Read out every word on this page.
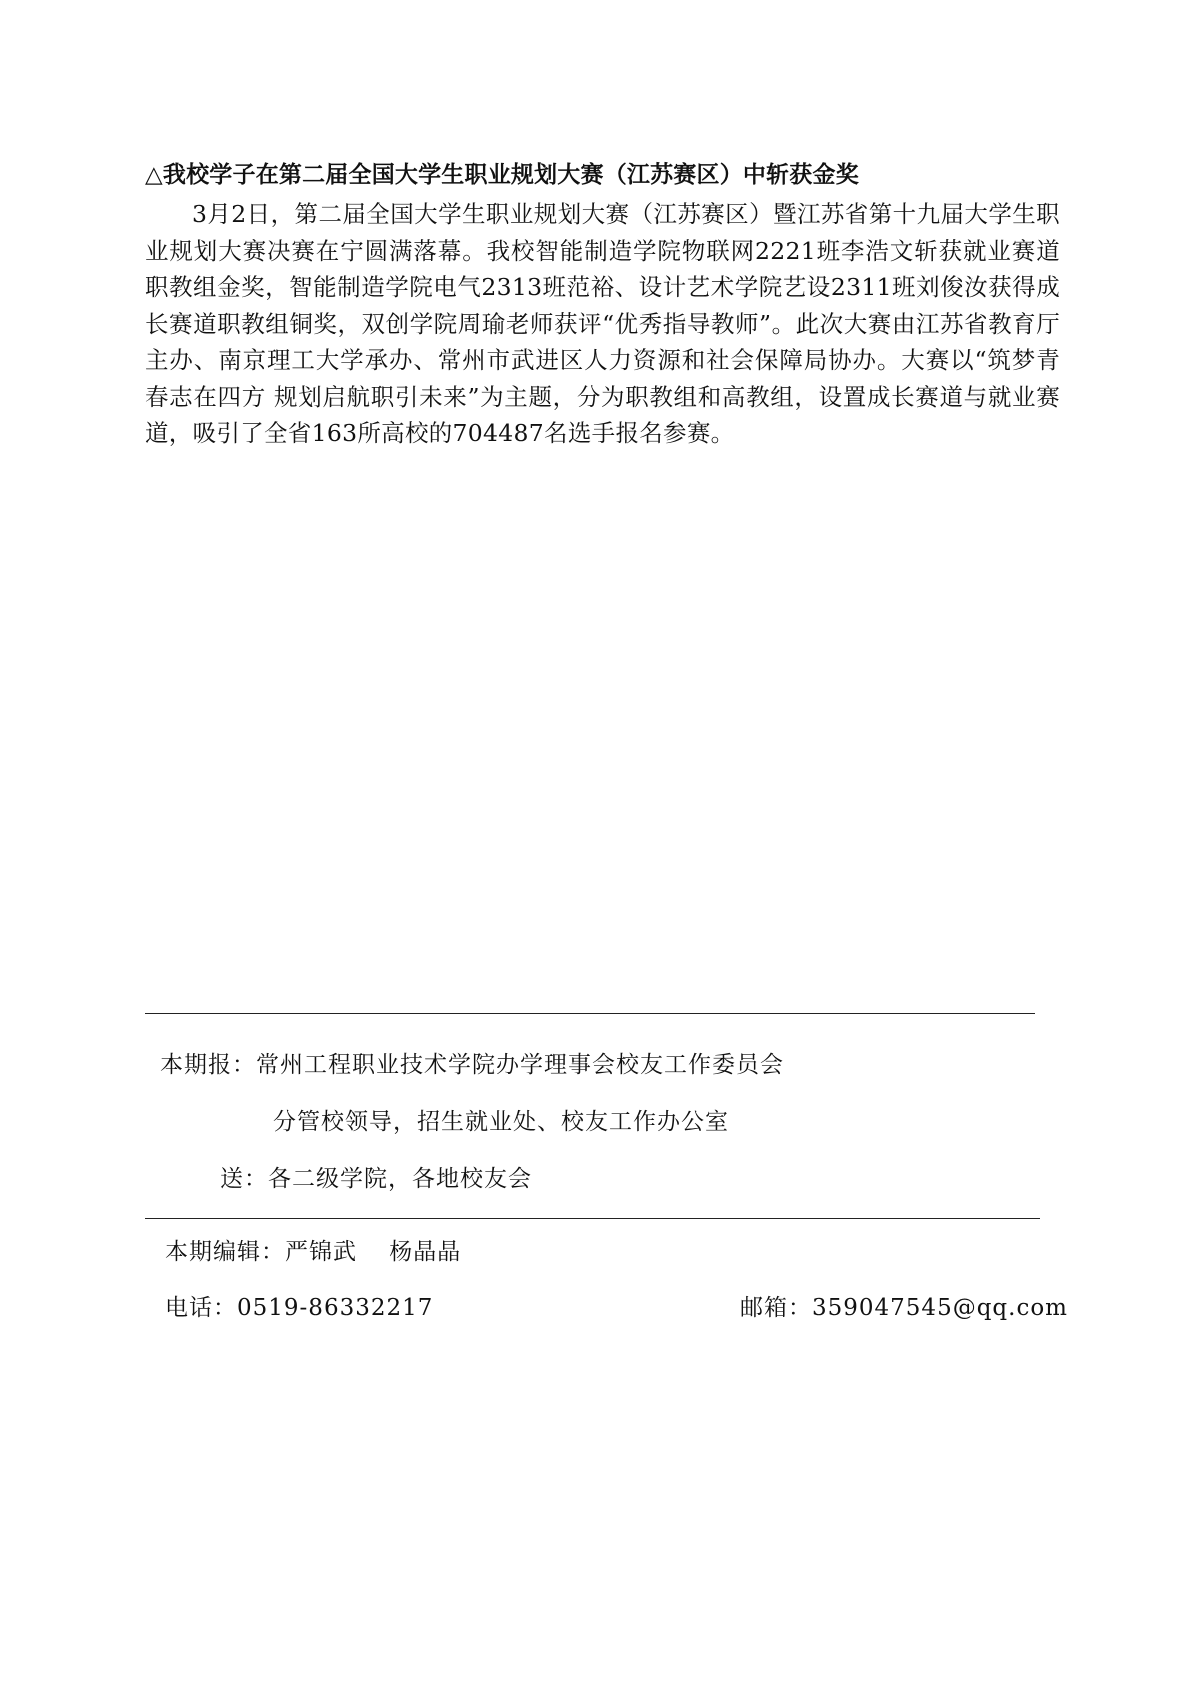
△我校学子在第二届全国大学生职业规划大赛（江苏赛区）中斩获金奖

3月2日，第二届全国大学生职业规划大赛（江苏赛区）暨江苏省第十九届大学生职业规划大赛决赛在宁圆满落幕。我校智能制造学院物联网2221班李浩文斩获就业赛道职教组金奖，智能制造学院电气2313班范裕、设计艺术学院艺设2311班刘俊汝获得成长赛道职教组铜奖，双创学院周瑜老师获评“优秀指导教师”。此次大赛由江苏省教育厅主办、南京理工大学承办、常州市武进区人力资源和社会保障局协办。大赛以“筑梦青春志在四方 规划启航职引未来”为主题，分为职教组和高教组，设置成长赛道与就业赛道，吸引了全省163所高校的704487名选手报名参赛。

本期报：常州工程职业技术学院办学理事会校友工作委员会
分管校领导，招生就业处、校友工作办公室
送：各二级学院，各地校友会
本期编辑：严锦武　 杨晶晶
电话：0519-86332217	邮箱：359047545@qq.com
